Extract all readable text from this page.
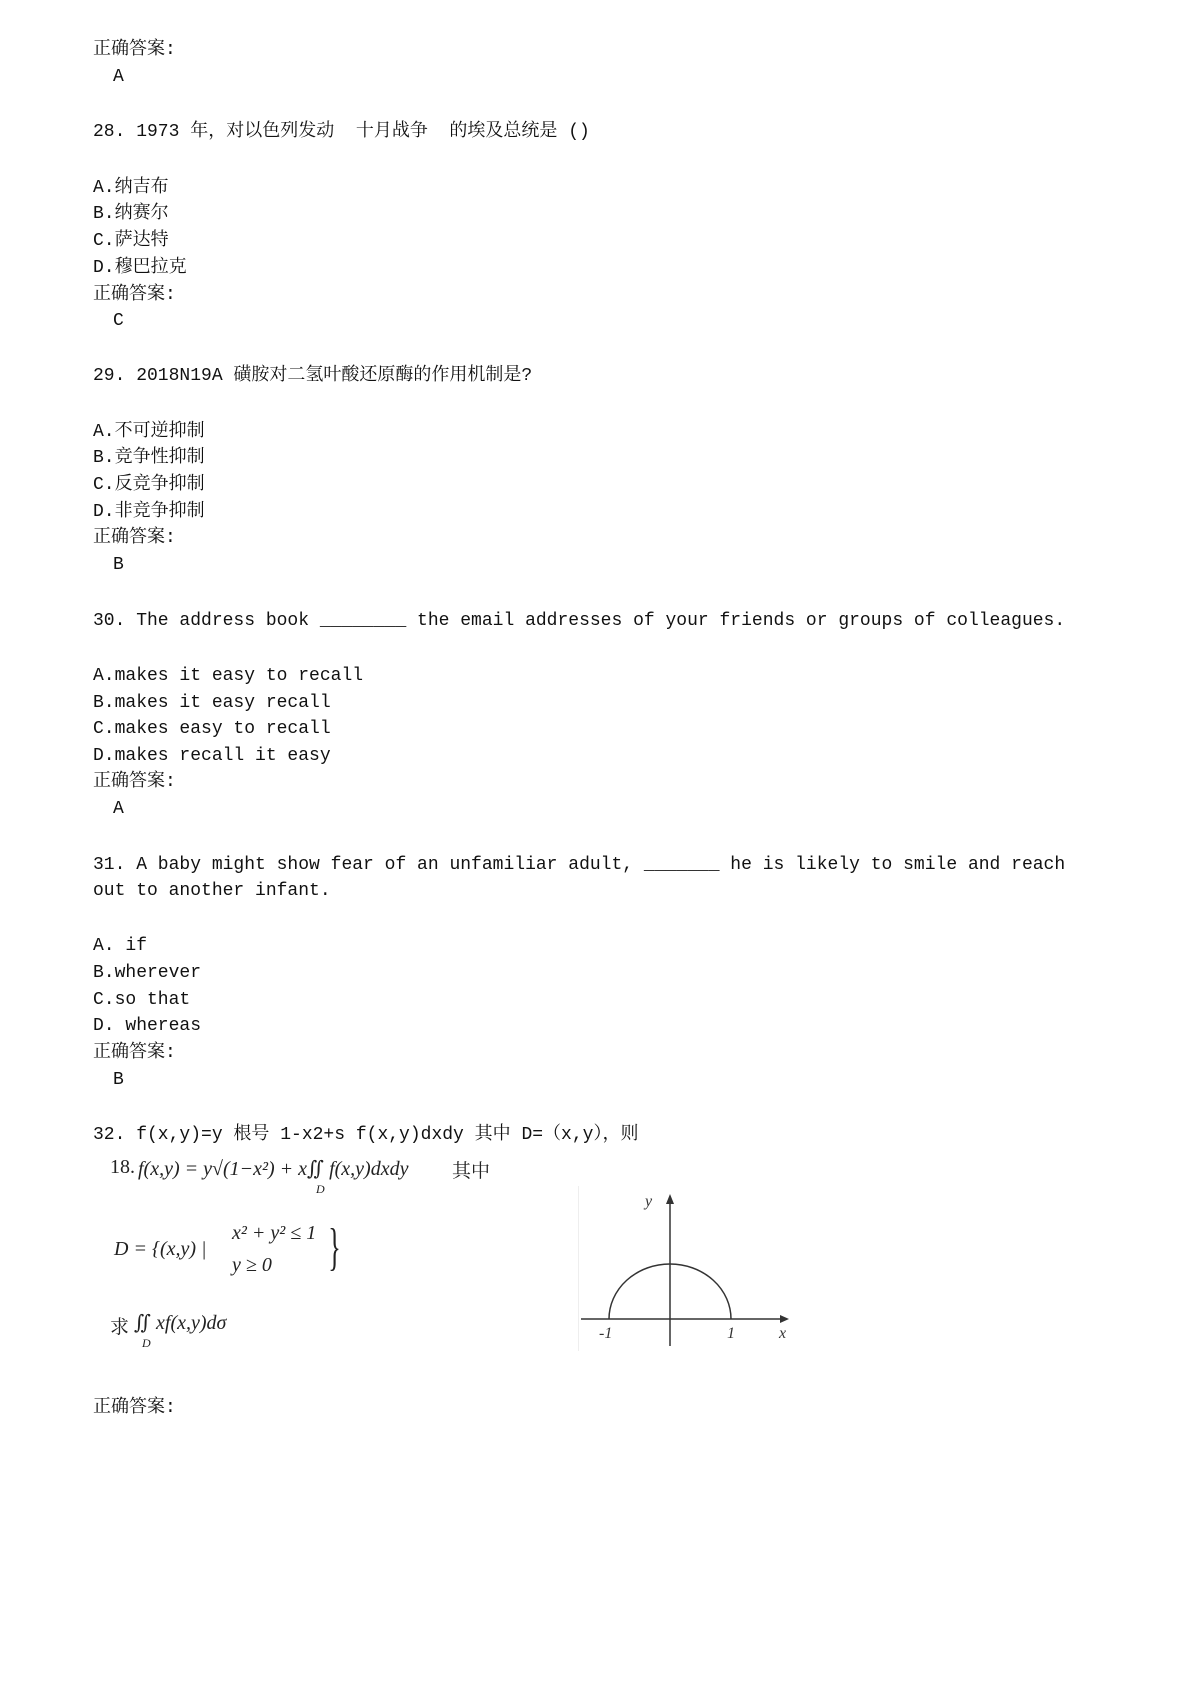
正确答案:
A
28. 1973 年，对以色列发动  十月战争  的埃及总统是 ()
A.纳吉布
B.纳赛尔
C.萨达特
D.穆巴拉克
正确答案:
C
29. 2018N19A 磺胺对二氢叶酸还原酶的作用机制是?
A.不可逆抑制
B.竞争性抑制
C.反竞争抑制
D.非竞争抑制
正确答案:
B
30. The address book ________ the email addresses of your friends or groups of colleagues.
A.makes it easy to recall
B.makes it easy recall
C.makes easy to recall
D.makes recall it easy
正确答案:
A
31. A baby might show fear of an unfamiliar adult, _______ he is likely to smile and reach
out to another infant.
A. if
B.wherever
C.so that
D. whereas
正确答案:
B
32. f(x,y)=y 根号 1-x2+s f(x,y)dxdy 其中 D=（x,y），则
18. f(x,y) = y√(1−x²) + x∬ f(x,y)dxdy 其中
D
D = {(x,y) |
x² + y² ≤ 1
y ≥ 0 }
求 ∬ xf(x,y)dσ
D
y
x
-1	1
正确答案:
